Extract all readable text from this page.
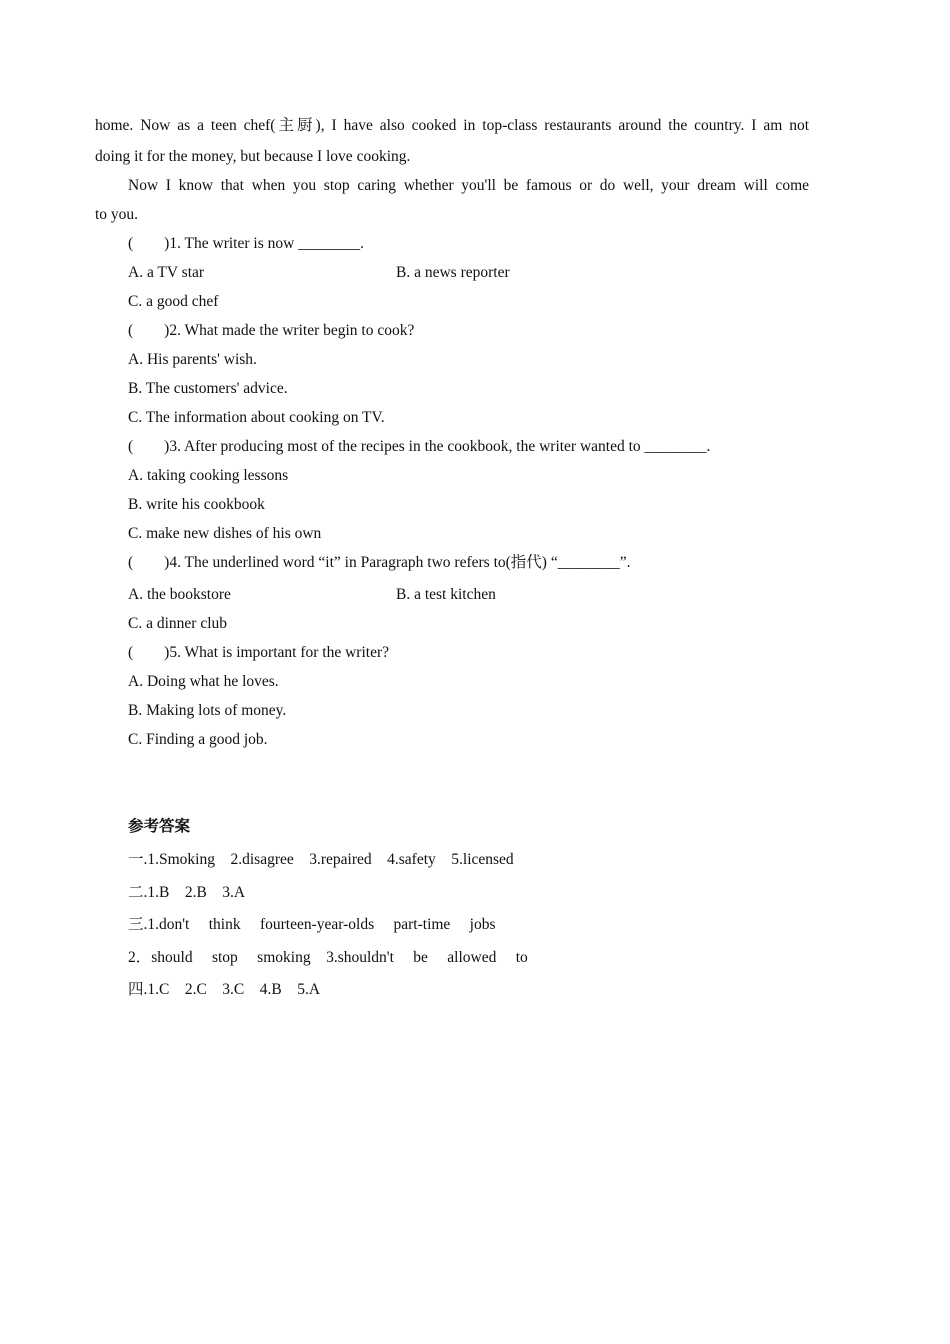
home. Now as a teen chef(主厨), I have also cooked in top-class restaurants around the country. I am not
doing it for the money, but because I love cooking.
Now I know that when you stop caring whether you'll be famous or do well, your dream will come
to you.
(        )1. The writer is now ________.
A. a TV star	B. a news reporter
C. a good chef
(        )2. What made the writer begin to cook?
A. His parents' wish.
B. The customers' advice.
C. The information about cooking on TV.
(        )3. After producing most of the recipes in the cookbook, the writer wanted to ________.
A. taking cooking lessons
B. write his cookbook
C. make new dishes of his own
(        )4. The underlined word “it” in Paragraph two refers to(指代) “________”.
A. the bookstore	B. a test kitchen
C. a dinner club
(        )5. What is important for the writer?
A. Doing what he loves.
B. Making lots of money.
C. Finding a good job.
参考答案
一.1.Smoking    2.disagree    3.repaired    4.safety    5.licensed
二.1.B    2.B    3.A
三.1.don't     think     fourteen-year-olds     part-time     jobs
2．should     stop     smoking    3.shouldn't     be     allowed     to
四.1.C    2.C    3.C    4.B    5.A
